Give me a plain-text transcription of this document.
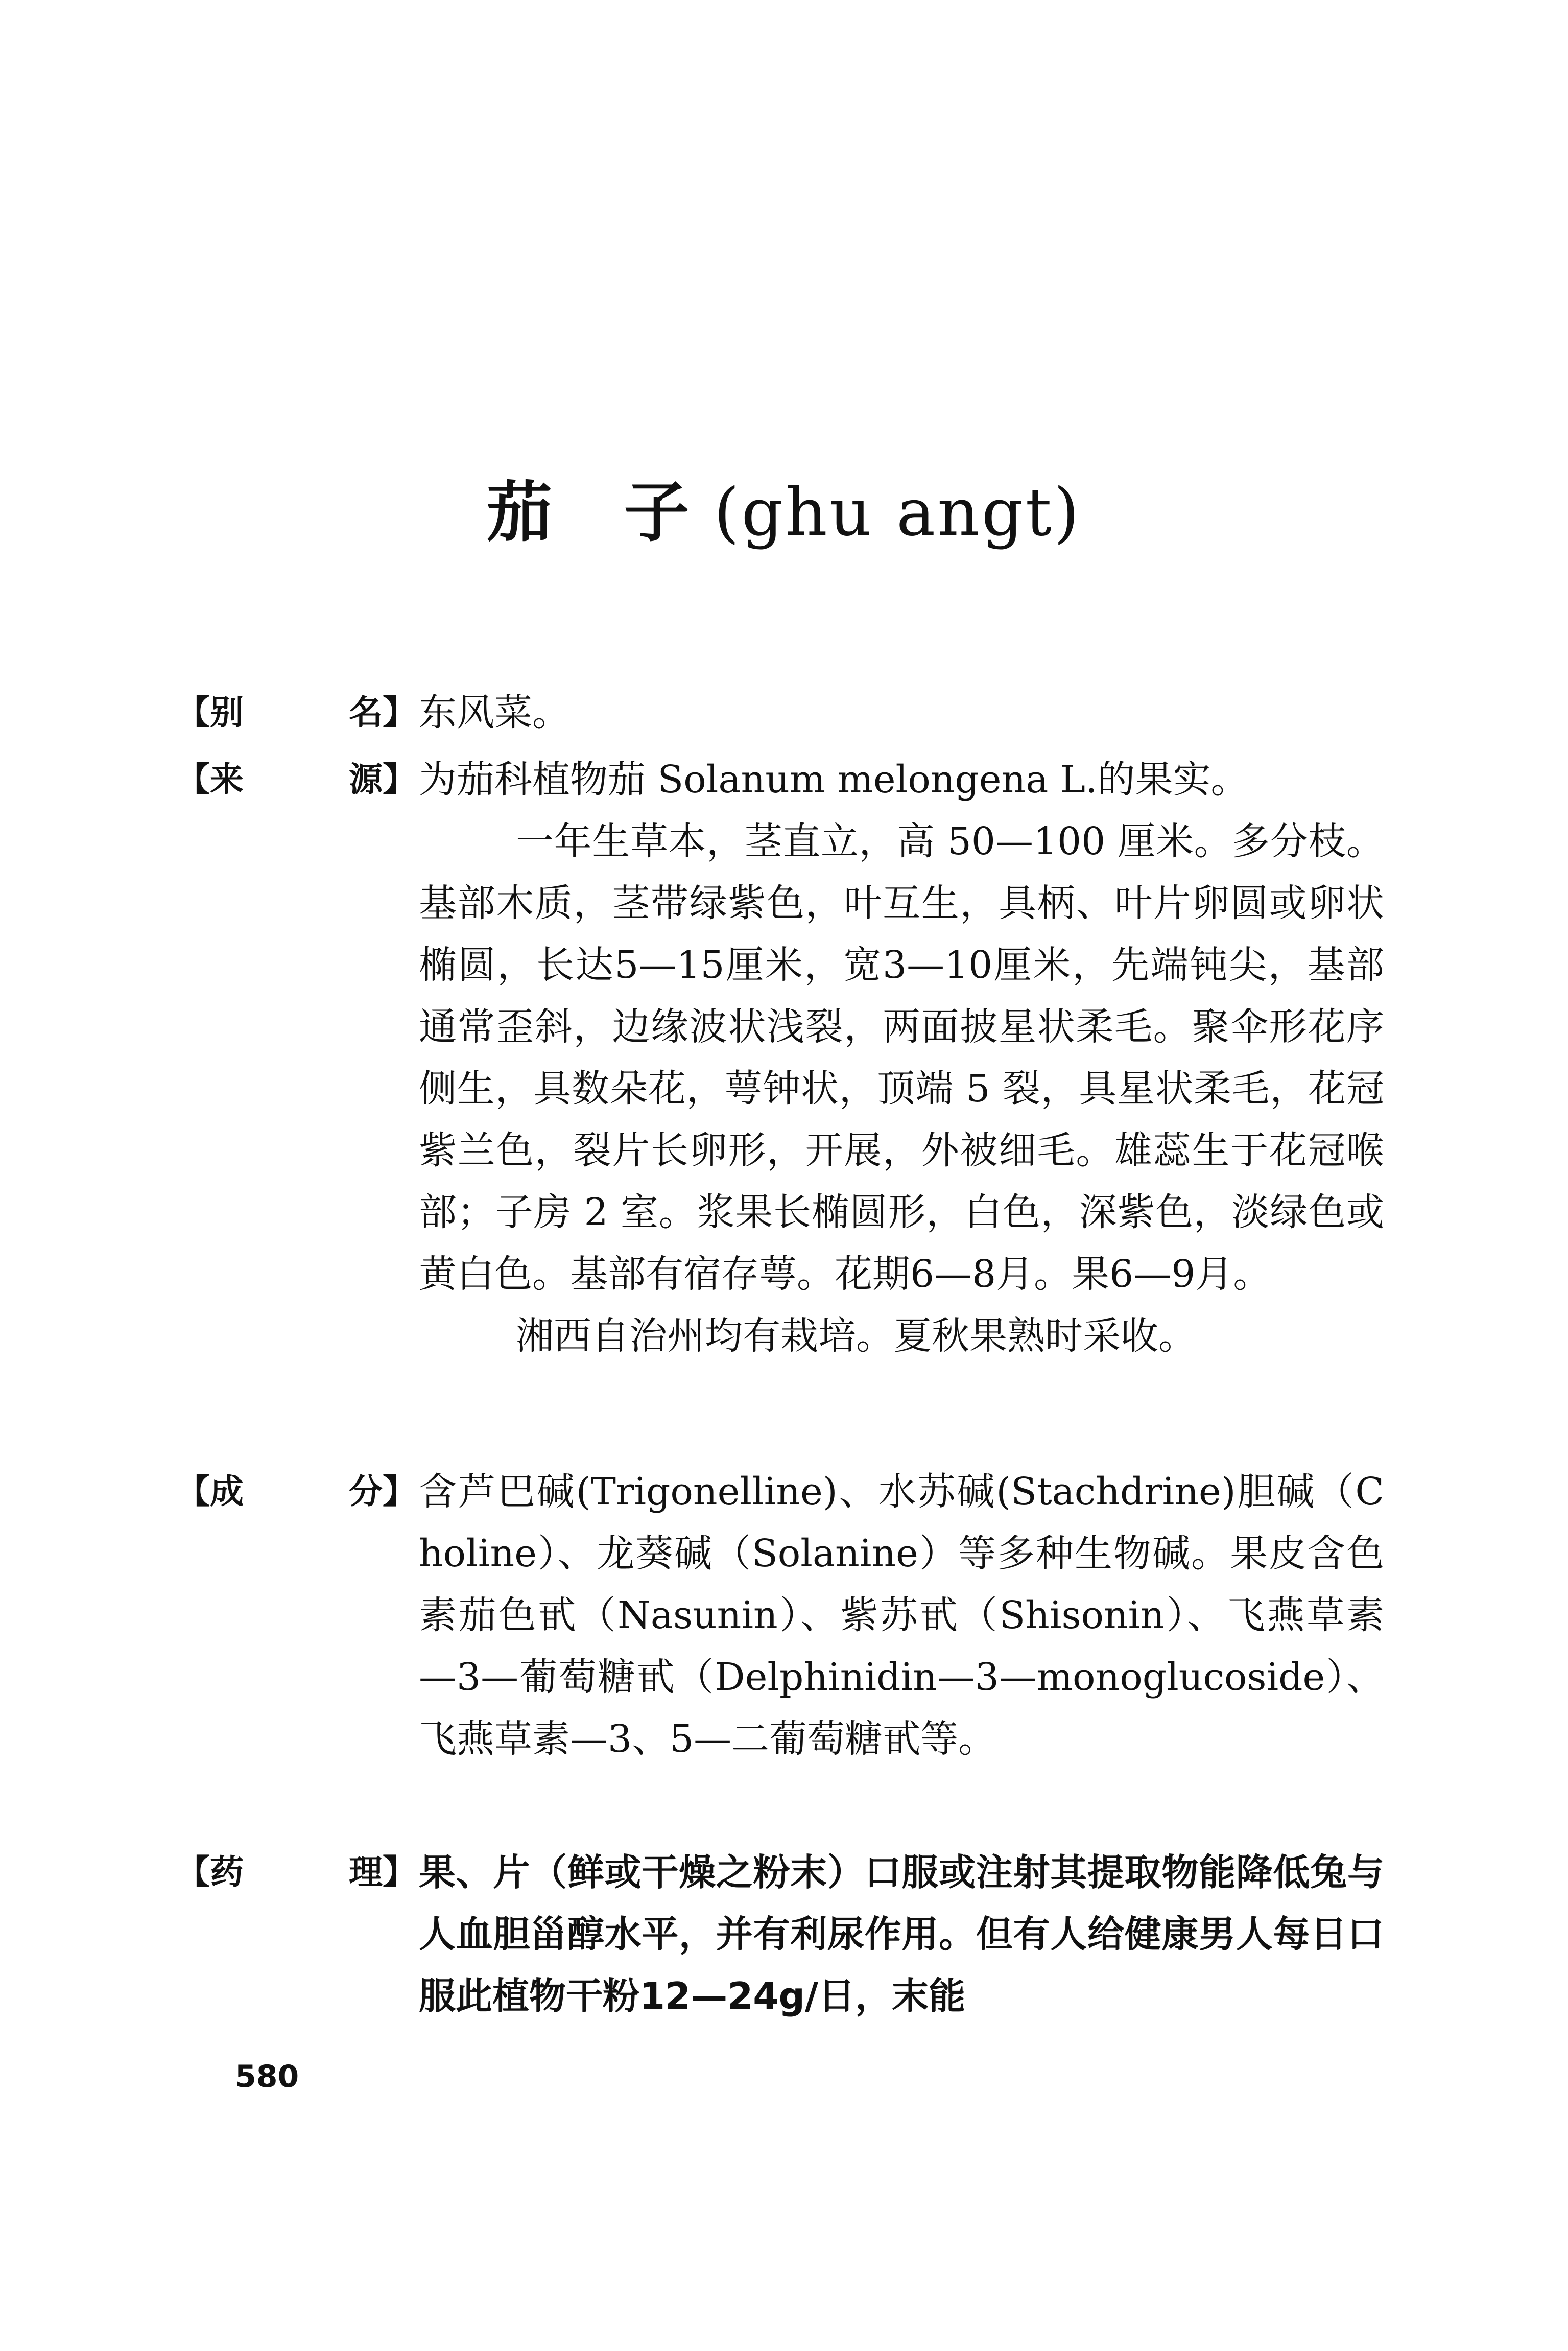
茄 子(ghu angt)
【别	名】 东风菜。

【来	源】 为茄科植物茄 Solanum melongena L.的果实。

一年生草本，茎直立，高 50—100 厘米。多分枝。基部木质，茎带绿紫色，叶互生，具柄、叶片卵圆或卵状椭圆，长达5—15厘米，宽3—10厘米，先端钝尖，基部通常歪斜，边缘波状浅裂，两面披星状柔毛。聚伞形花序侧生，具数朵花，萼钟状，顶端 5 裂，具星状柔毛，花冠紫兰色，裂片长卵形，开展，外被细毛。雄蕊生于花冠喉部；子房 2 室。浆果长椭圆形，白色，深紫色，淡绿色或黄白色。基部有宿存萼。花期6—8月。果6—9月。

湘西自治州均有栽培。夏秋果熟时采收。

【成	分】 含芦巴碱(Trigonelline)、水苏碱(Stachdrine)胆碱（Choline）、龙葵碱（Solanine）等多种生物碱。果皮含色素茄色甙（Nasunin）、紫苏甙（Shisonin）、飞燕草素—3—葡萄糖甙（Delphinidin—3—monoglucoside）、飞燕草素—3、5—二葡萄糖甙等。

【药	理】 果、片（鲜或干燥之粉末）口服或注射其提取物能降低兔与人血胆甾醇水平，并有利尿作用。但有人给健康男人每日口服此植物干粉12—24g/日，末能

580
